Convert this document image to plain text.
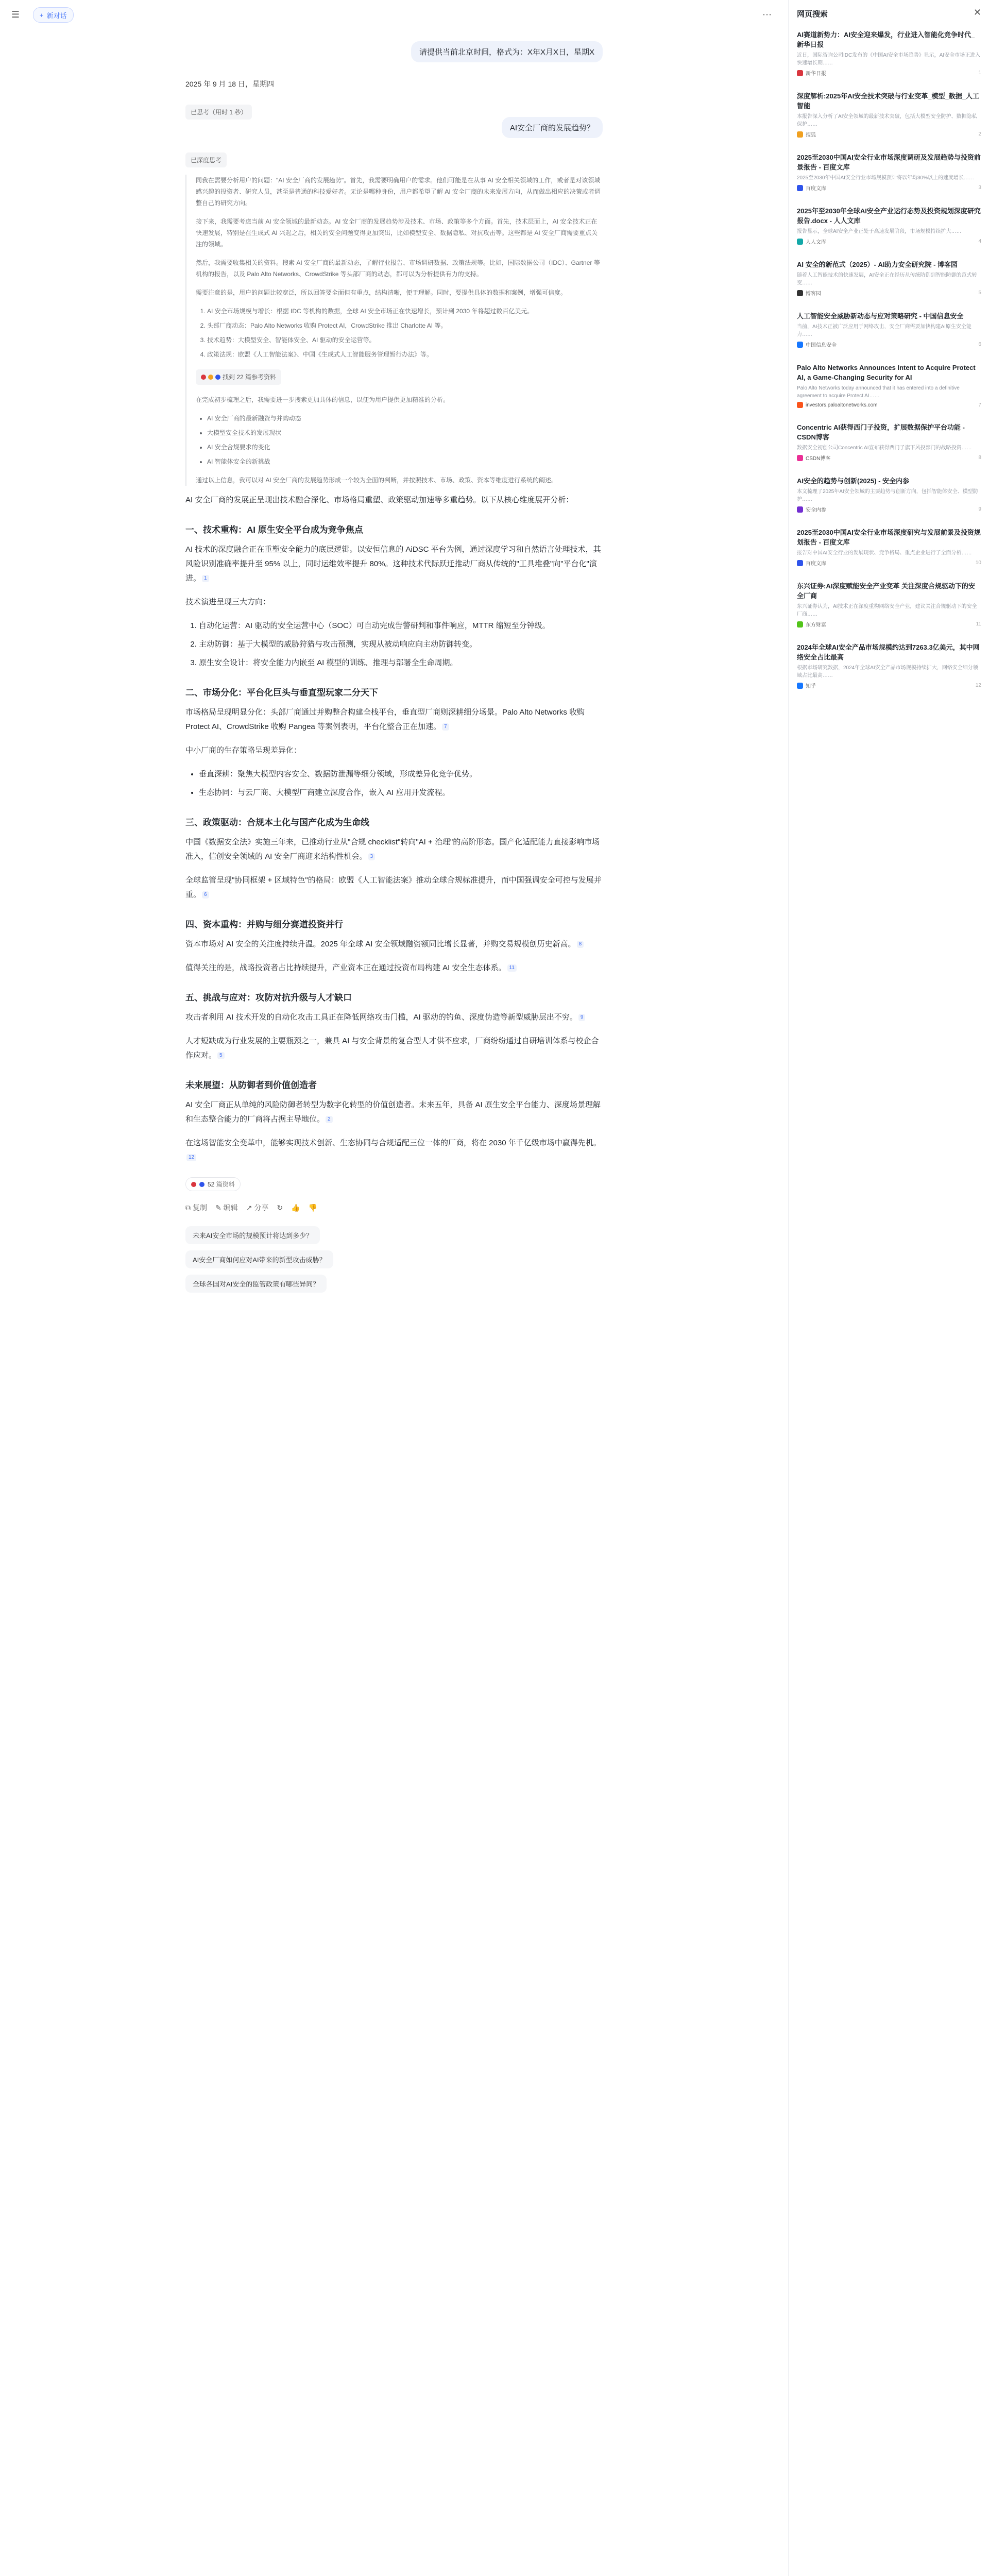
☰	+ 新对话	⋯
请提供当前北京时间，格式为：X年X月X日，星期X
2025 年 9 月 18 日，星期四
已思考（用时 1 秒）
AI安全厂商的发展趋势？
已深度思考

同我在需要分析用户的问题："AI 安全厂商的发展趋势"。首先，我需要明确用户的需求。他们可能是在从事 AI 安全相关领域的工作，或者是对该领域感兴趣的投资者、研究人员，甚至是普通的科技爱好者。无论是哪种身份，用户都希望了解 AI 安全厂商的未来发展方向，从而做出相应的决策或者调整自己的研究方向。

接下来，我需要考虑当前 AI 安全领域的最新动态。AI 安全厂商的发展趋势涉及技术、市场、政策等多个方面。首先，技术层面上，AI 安全技术正在快速发展，特别是在生成式 AI 兴起之后，相关的安全问题变得更加突出，比如模型安全、数据隐私、对抗攻击等。这些都是 AI 安全厂商需要重点关注的领域。

然后，我需要收集相关的资料。搜索 AI 安全厂商的最新动态，了解行业报告、市场调研数据、政策法规等。比如，国际数据公司（IDC）、Gartner 等机构的报告，以及 Palo Alto Networks、CrowdStrike 等头部厂商的动态，都可以为分析提供有力的支持。

需要注意的是，用户的问题比较宽泛，所以回答要全面但有重点，结构清晰，便于理解。同时，要提供具体的数据和案例，增强可信度。

1. AI 安全市场规模与增长：根据 IDC 等机构的数据，全球 AI 安全市场正在快速增长，预计到 2030 年将超过数百亿美元。
2. 头部厂商动态：Palo Alto Networks 收购 Protect AI，CrowdStrike 推出 Charlotte AI 等。
3. 技术趋势：大模型安全、智能体安全、AI 驱动的安全运营等。
4. 政策法规：欧盟《人工智能法案》、中国《生成式人工智能服务管理暂行办法》等。
找到 22 篇参考资料

在完成初步梳理之后，我需要进一步搜索更加具体的信息，以便为用户提供更加精准的分析。

• AI 安全厂商的最新融资与并购动态
• 大模型安全技术的发展现状
• AI 安全合规要求的变化
• AI 智能体安全的新挑战

通过以上信息，我可以对 AI 安全厂商的发展趋势形成一个较为全面的判断，并按照技术、市场、政策、资本等维度进行系统的阐述。

AI 安全厂商的发展正呈现出技术融合深化、市场格局重塑、政策驱动加速等多重趋势。以下从核心维度展开分析：

一、技术重构：AI 原生安全平台成为竞争焦点

AI 技术的深度融合正在重塑安全能力的底层逻辑。以安恒信息的 AiDSC 平台为例，通过深度学习和自然语言处理技术，其风险识别准确率提升至 95% 以上，同时运维效率提升 80%。这种技术代际跃迁推动厂商从传统的"工具堆叠"向"平台化"演进。 1

技术演进呈现三大方向：

1. 自动化运营：AI 驱动的安全运营中心（SOC）可自动完成告警研判和事件响应，MTTR 缩短至分钟级。
2. 主动防御：基于大模型的威胁狩猎与攻击预测，实现从被动响应向主动防御转变。
3. 原生安全设计：将安全能力内嵌至 AI 模型的训练、推理与部署全生命周期。
二、市场分化：平台化巨头与垂直型玩家二分天下

市场格局呈现明显分化：头部厂商通过并购整合构建全栈平台，垂直型厂商则深耕细分场景。Palo Alto Networks 收购 Protect AI、CrowdStrike 收购 Pangea 等案例表明，平台化整合正在加速。 7

中小厂商的生存策略呈现差异化：

• 垂直深耕：聚焦大模型内容安全、数据防泄漏等细分领域，形成差异化竞争优势。
• 生态协同：与云厂商、大模型厂商建立深度合作，嵌入 AI 应用开发流程。
三、政策驱动：合规本土化与国产化成为生命线

中国《数据安全法》实施三年来，已推动行业从"合规 checklist"转向"AI + 治理"的高阶形态。国产化适配能力直接影响市场准入，信创安全领域的 AI 安全厂商迎来结构性机会。 3

全球监管呈现"协同框架 + 区域特色"的格局：欧盟《人工智能法案》推动全球合规标准提升，而中国强调安全可控与发展并重。 6

四、资本重构：并购与细分赛道投资并行

资本市场对 AI 安全的关注度持续升温。2025 年全球 AI 安全领域融资额同比增长显著，并购交易规模创历史新高。 8

值得关注的是，战略投资者占比持续提升，产业资本正在通过投资布局构建 AI 安全生态体系。 11

五、挑战与应对：攻防对抗升级与人才缺口

攻击者利用 AI 技术开发的自动化攻击工具正在降低网络攻击门槛，AI 驱动的钓鱼、深度伪造等新型威胁层出不穷。 9

人才短缺成为行业发展的主要瓶颈之一，兼具 AI 与安全背景的复合型人才供不应求，厂商纷纷通过自研培训体系与校企合作应对。 5

未来展望：从防御者到价值创造者

AI 安全厂商正从单纯的风险防御者转型为数字化转型的价值创造者。未来五年，具备 AI 原生安全平台能力、深度场景理解和生态整合能力的厂商将占据主导地位。 2

在这场智能安全变革中，能够实现技术创新、生态协同与合规适配三位一体的厂商，将在 2030 年千亿级市场中赢得先机。12

52 篇资料
⧉ 复制 ✎ 编辑 ↗ 分享 ↻ 👍 👎
未来AI安全市场的规模预计将达到多少？
AI安全厂商如何应对AI带来的新型攻击威胁？
全球各国对AI安全的监管政策有哪些异同？
网页搜索	✕
AI赛道新势力：AI安全迎来爆发，行业进入智能化竞争时代_新华日报
近日，国际咨询公司IDC发布的《中国AI安全市场趋势》显示，AI安全市场正进入快速增长期……
新华日报	1
深度解析:2025年AI安全技术突破与行业变革_模型_数据_人工智能
本报告深入分析了AI安全领域的最新技术突破，包括大模型安全防护、数据隐私保护……
搜狐	2
2025至2030中国AI安全行业市场深度调研及发展趋势与投资前景报告 - 百度文库
2025至2030年中国AI安全行业市场规模预计将以年均30%以上的速度增长……
百度文库	3
2025年至2030年全球AI安全产业运行态势及投资规划深度研究报告.docx - 人人文库
报告显示，全球AI安全产业正处于高速发展阶段，市场规模持续扩大……
人人文库	4
AI 安全的新范式（2025）- AI助力安全研究院 - 博客园
随着人工智能技术的快速发展，AI安全正在经历从传统防御到智能防御的范式转变……
博客园	5
人工智能安全威胁新动态与应对策略研究 - 中国信息安全
当前，AI技术正被广泛应用于网络攻击，安全厂商需要加快构建AI原生安全能力……
中国信息安全	6
Palo Alto Networks Announces Intent to Acquire Protect AI, a Game-Changing Security for AI
Palo Alto Networks today announced that it has entered into a definitive agreement to acquire Protect AI……
investors.paloaltonetworks.com	7
Concentric AI获得西门子投资，扩展数据保护平台功能 - CSDN博客
数据安全初创公司Concentric AI宣布获得西门子旗下风投部门的战略投资……
CSDN博客	8
AI安全的趋势与创新(2025) - 安全内参
本文梳理了2025年AI安全领域的主要趋势与创新方向，包括智能体安全、模型防护……
安全内参	9
2025至2030中国AI安全行业市场深度研究与发展前景及投资规划报告 - 百度文库
报告对中国AI安全行业的发展现状、竞争格局、重点企业进行了全面分析……
百度文库	10
东兴证券:AI深度赋能安全产业变革 关注深度合规驱动下的安全厂商
东兴证券认为，AI技术正在深度重构网络安全产业，建议关注合规驱动下的安全厂商……
东方财富	11
2024年全球AI安全产品市场规模约达到7263.3亿美元，其中网络安全占比最高
根据市场研究数据，2024年全球AI安全产品市场规模持续扩大，网络安全细分领域占比最高……
知乎	12
